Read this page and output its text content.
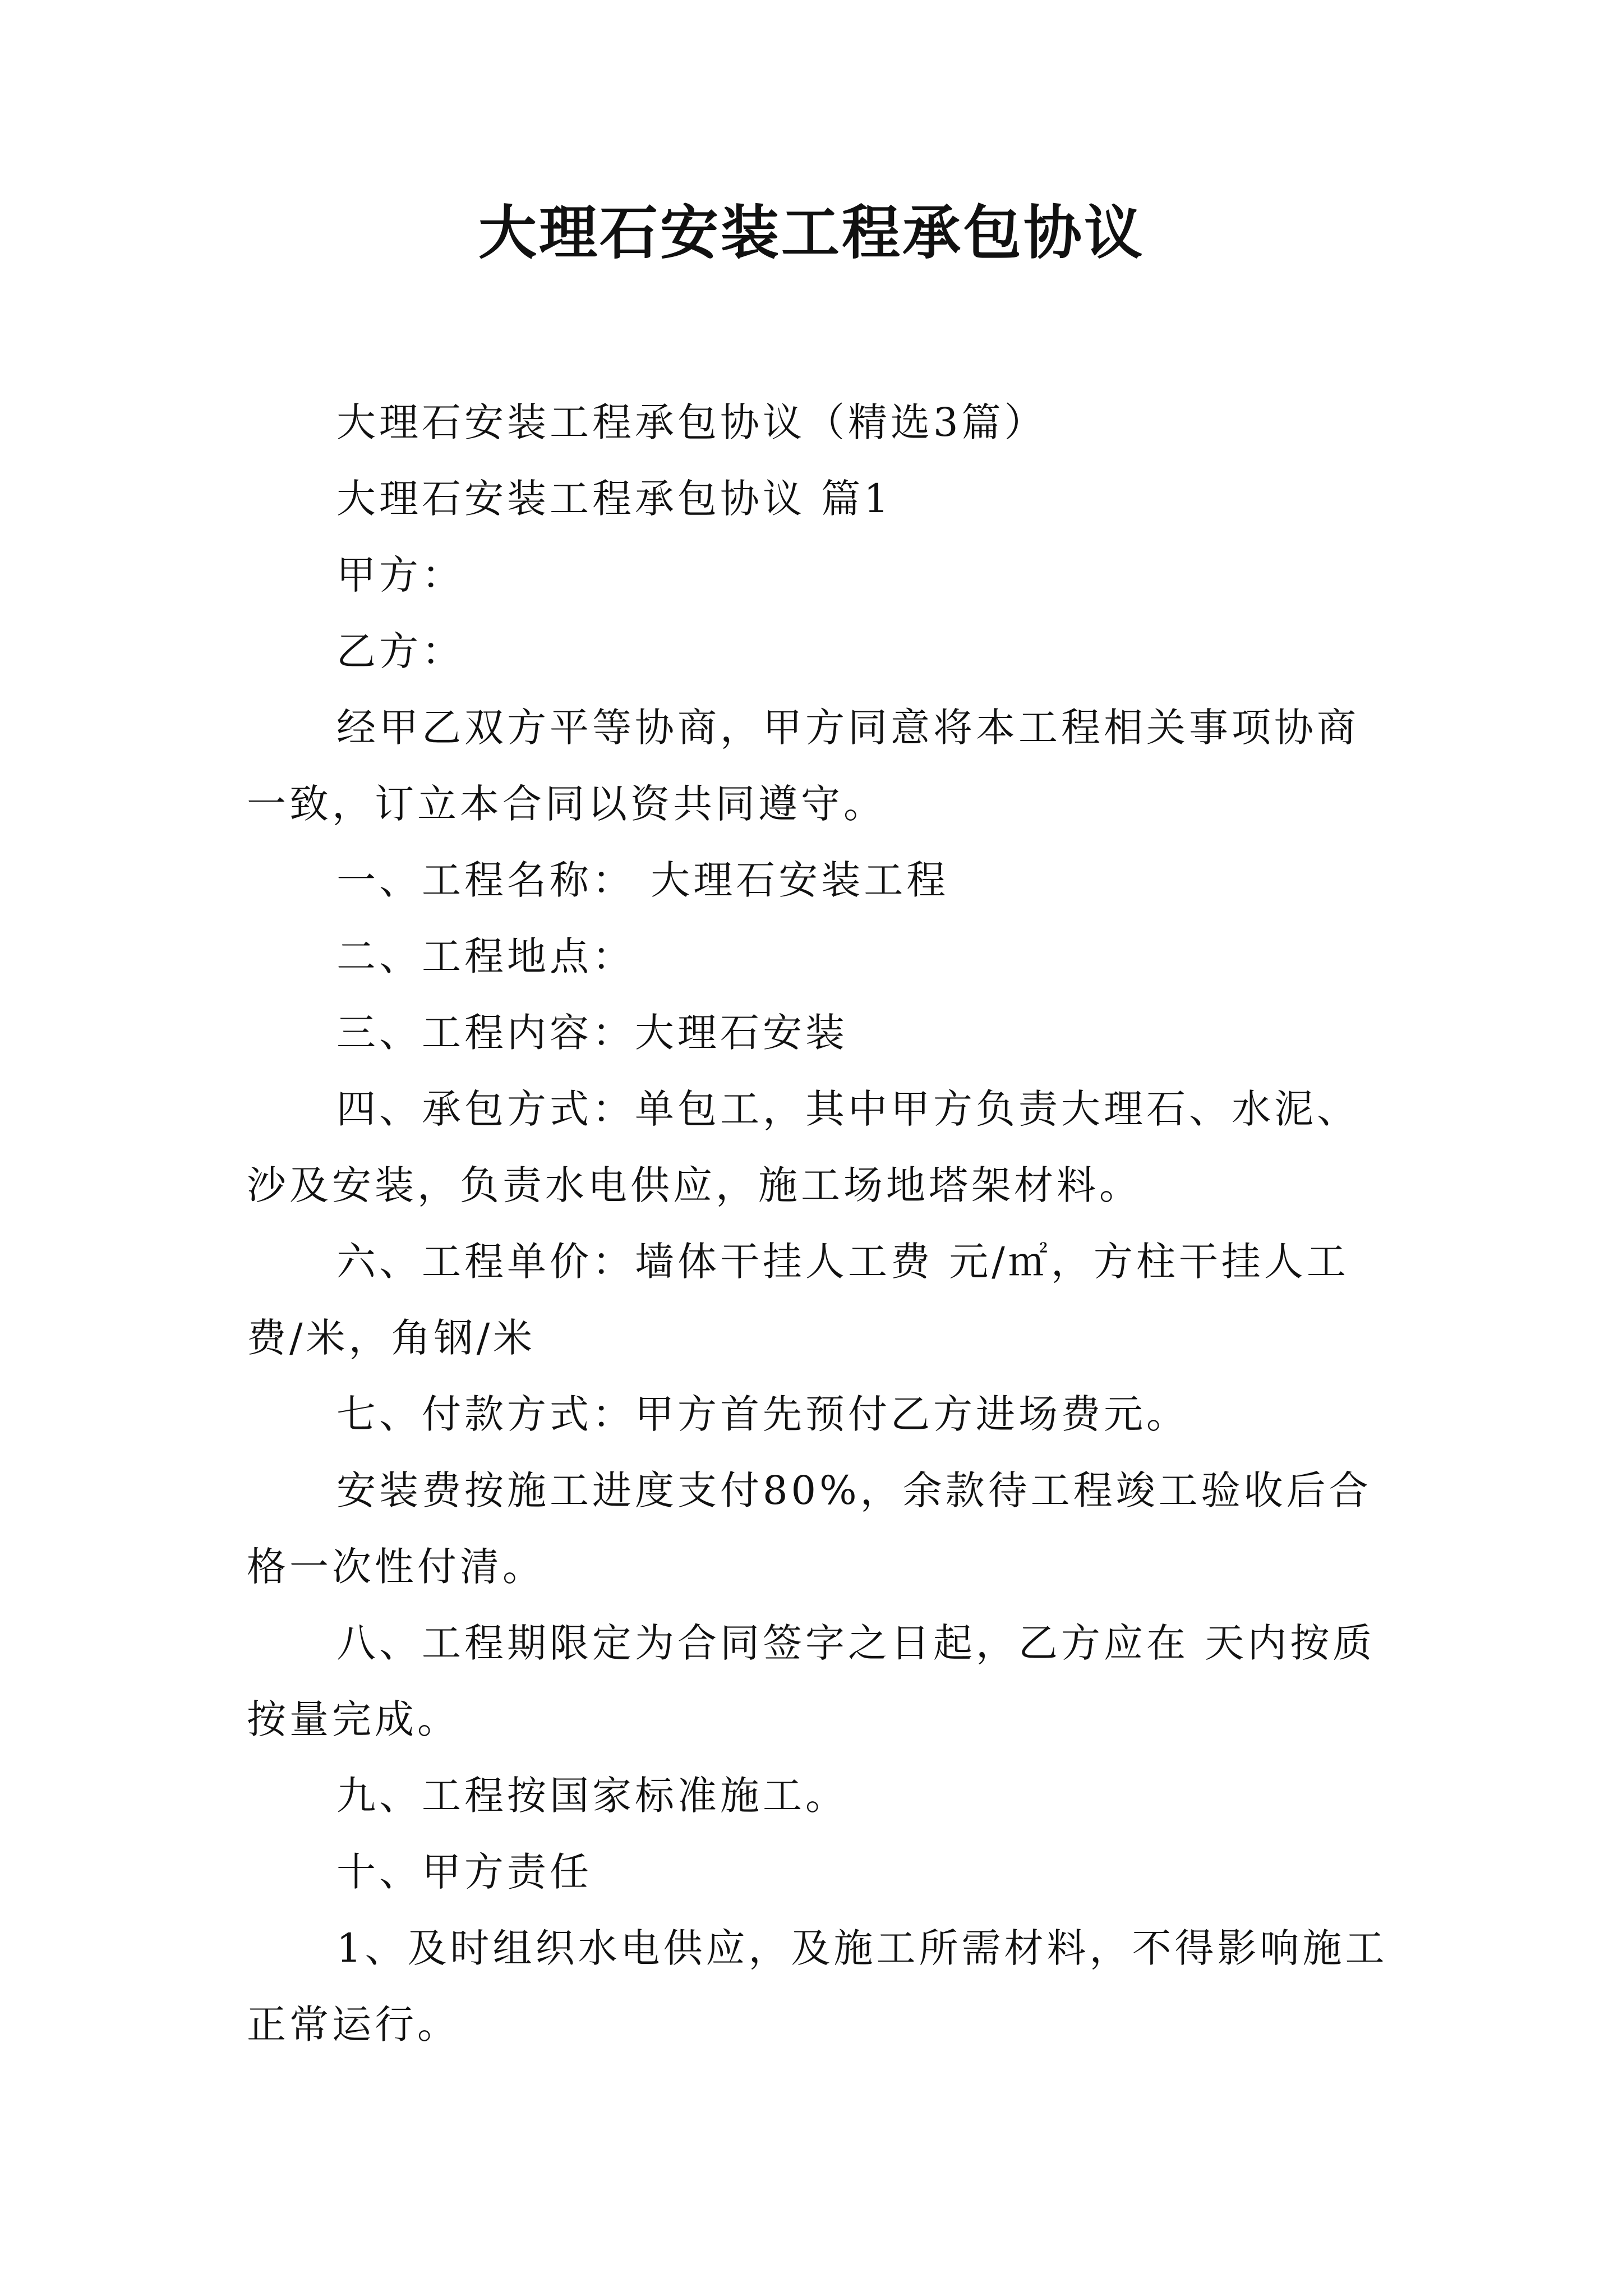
大理石安装工程承包协议

大理石安装工程承包协议（精选3篇）

大理石安装工程承包协议 篇1

甲方：

乙方：

经甲乙双方平等协商，甲方同意将本工程相关事项协商一致，订立本合同以资共同遵守。

一、工程名称： 大理石安装工程

二、工程地点：

三、工程内容：大理石安装

四、承包方式：单包工，其中甲方负责大理石、水泥、沙及安装，负责水电供应，施工场地塔架材料。

六、工程单价：墙体干挂人工费 元/㎡，方柱干挂人工费/米，角钢/米

七、付款方式：甲方首先预付乙方进场费元。

安装费按施工进度支付80%，余款待工程竣工验收后合格一次性付清。

八、工程期限定为合同签字之日起，乙方应在 天内按质按量完成。

九、工程按国家标准施工。

十、甲方责任

1、及时组织水电供应，及施工所需材料，不得影响施工正常运行。
